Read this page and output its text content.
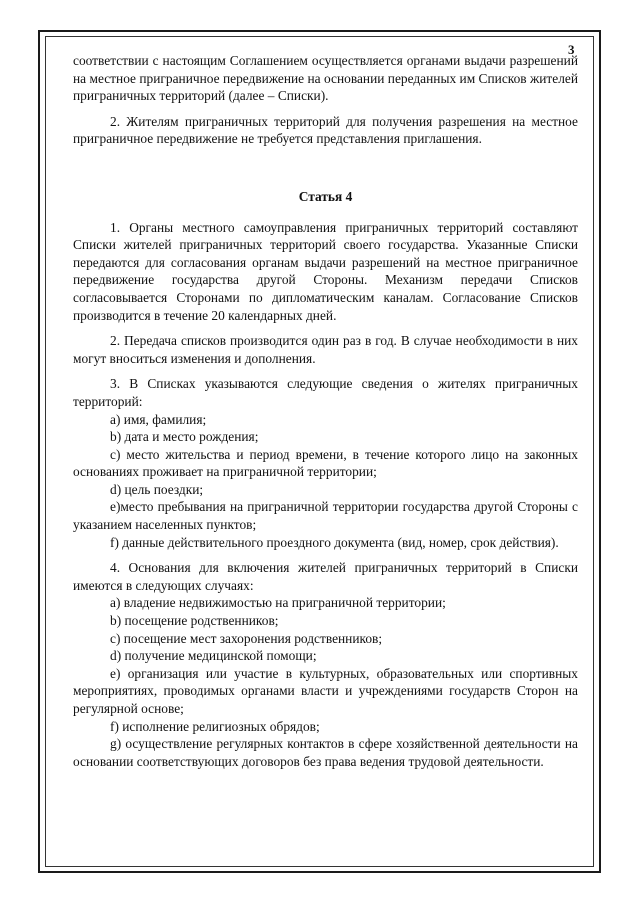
3

соответствии с настоящим Соглашением осуществляется органами выдачи разрешений на местное приграничное передвижение на основании переданных им Списков жителей приграничных территорий (далее – Списки).

2. Жителям приграничных территорий для получения разрешения на местное приграничное передвижение не требуется представления приглашения.

Статья 4

1. Органы местного самоуправления приграничных территорий составляют Списки жителей приграничных территорий своего государства. Указанные Списки передаются для согласования органам выдачи разрешений на местное приграничное передвижение государства другой Стороны. Механизм передачи Списков согласовывается Сторонами по дипломатическим каналам. Согласование Списков производится в течение 20 календарных дней.

2. Передача списков производится один раз в год. В случае необходимости в них могут вноситься изменения и дополнения.

3. В Списках указываются следующие сведения о жителях приграничных территорий:

a) имя, фамилия;

b) дата и место рождения;

c) место жительства и период времени, в течение которого лицо на законных основаниях проживает на приграничной территории;

d) цель поездки;

e)место пребывания на приграничной территории государства другой Стороны с указанием населенных пунктов;

f) данные действительного проездного документа (вид, номер, срок действия).

4. Основания для включения жителей приграничных территорий в Списки имеются в следующих случаях:

a) владение недвижимостью на приграничной территории;

b) посещение родственников;

c) посещение мест захоронения родственников;

d) получение медицинской помощи;

e) организация или участие в культурных, образовательных или спортивных мероприятиях, проводимых органами власти и учреждениями государств Сторон на регулярной основе;

f) исполнение религиозных обрядов;

g) осуществление регулярных контактов в сфере хозяйственной деятельности на основании соответствующих договоров без права ведения трудовой деятельности.
